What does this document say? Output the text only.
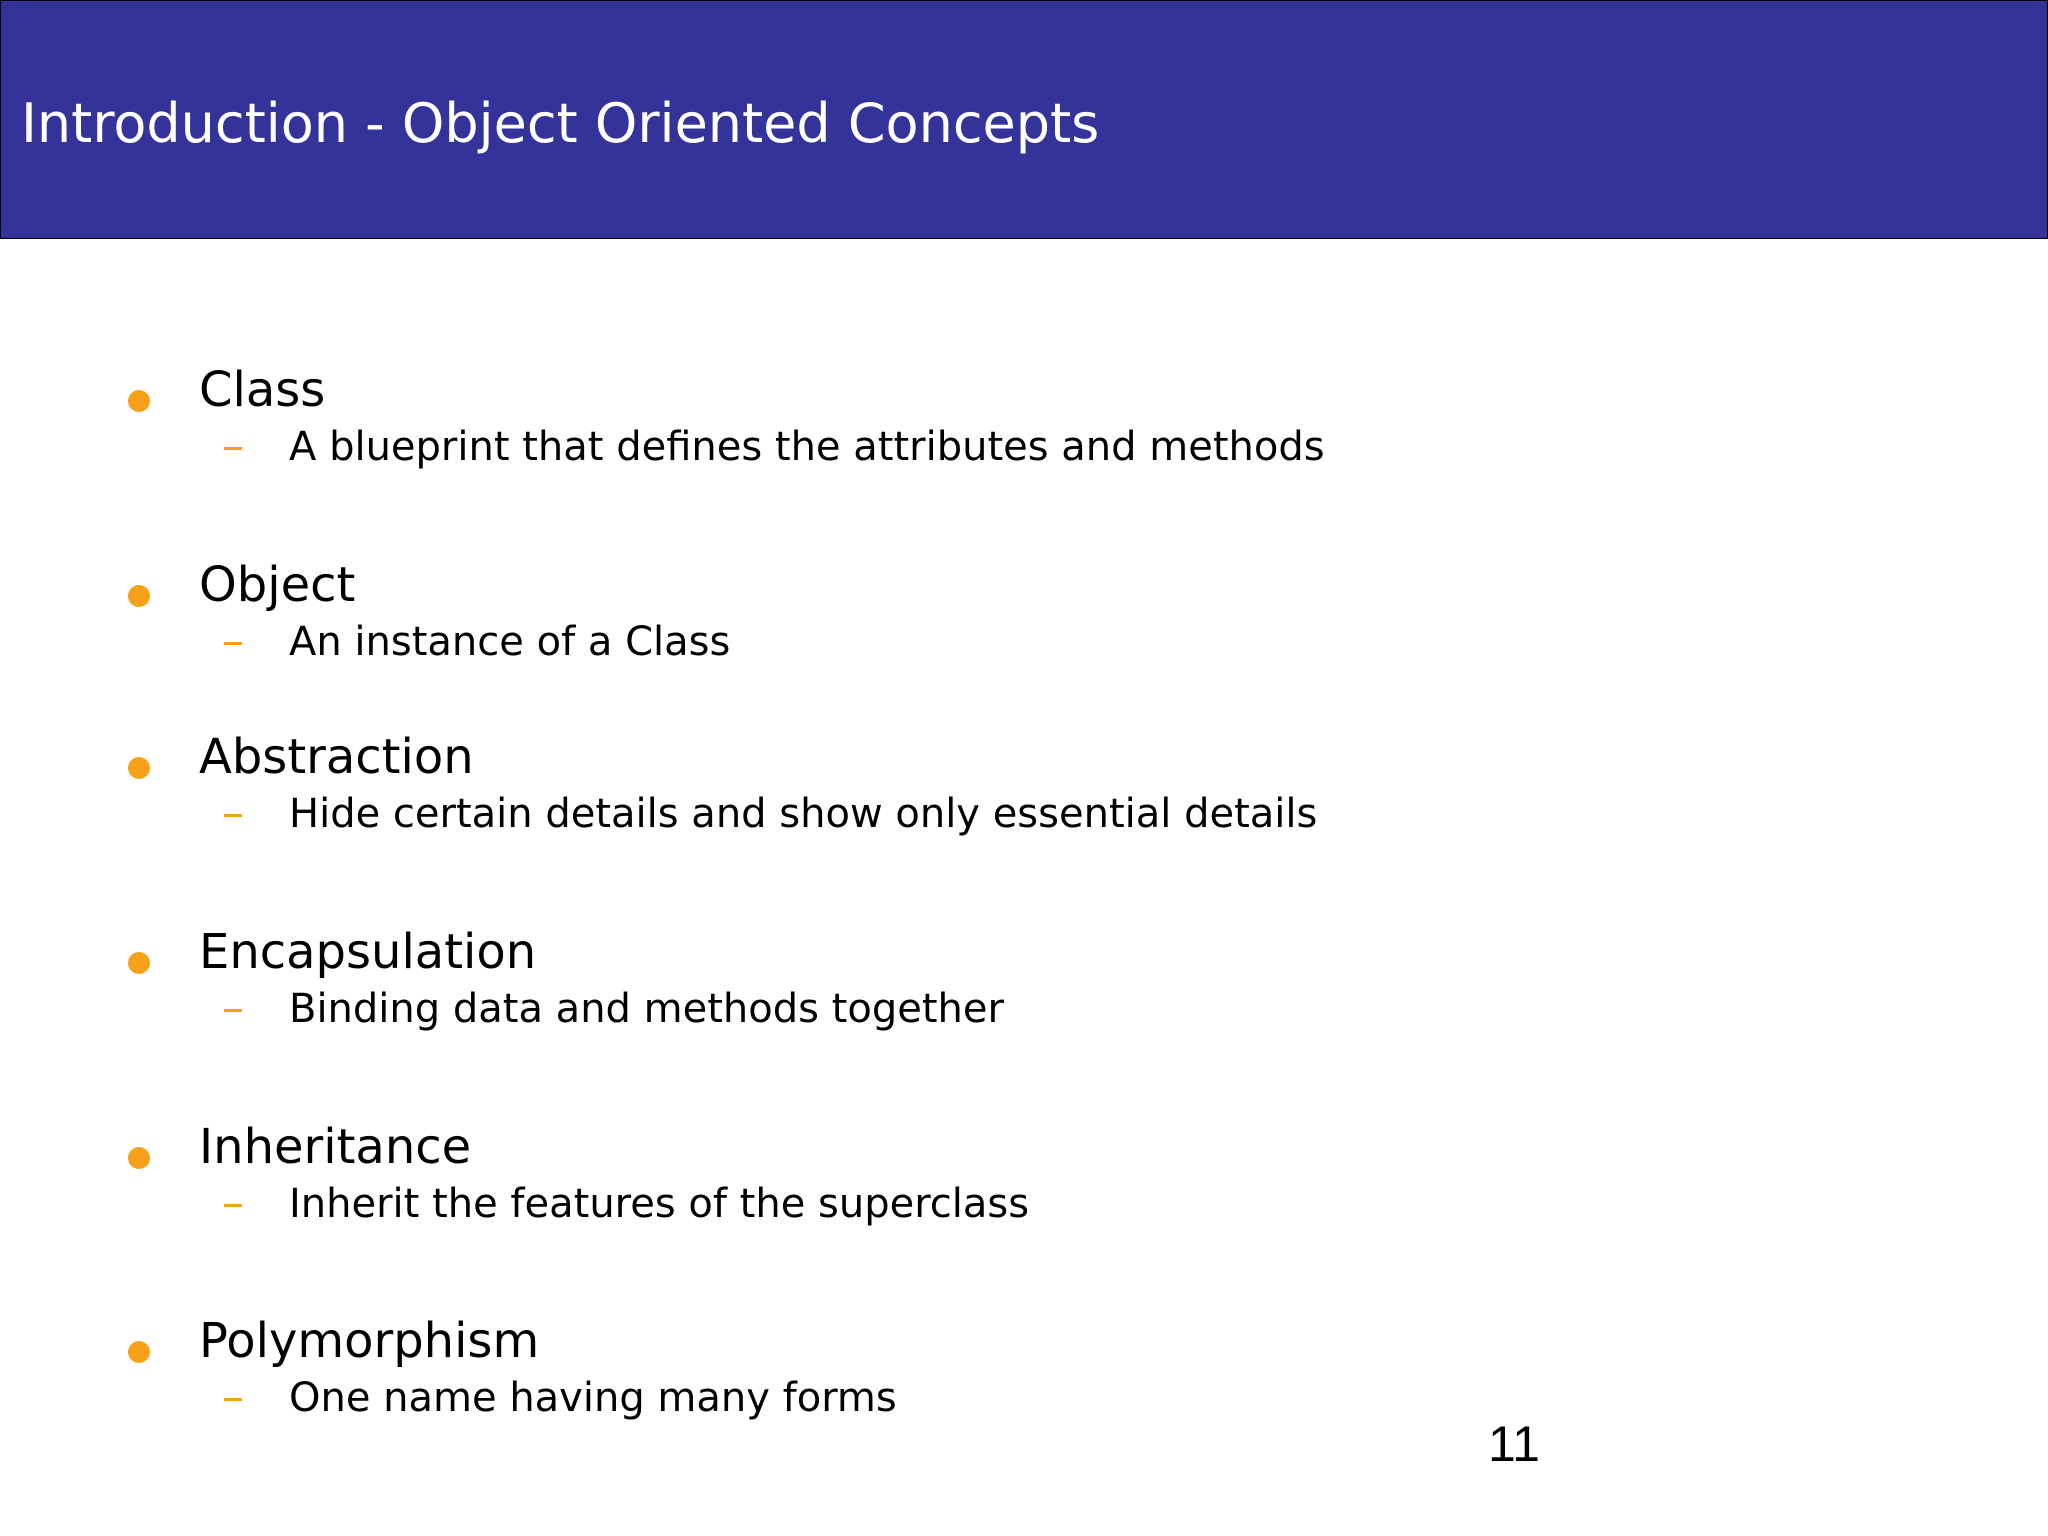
Introduction - Object Oriented Concepts
Class
A blueprint that defines the attributes and methods
Object
An instance of a Class
Abstraction
Hide certain details and show only essential details
Encapsulation
Binding data and methods together
Inheritance
Inherit the features of the superclass
Polymorphism
One name having many forms
11
